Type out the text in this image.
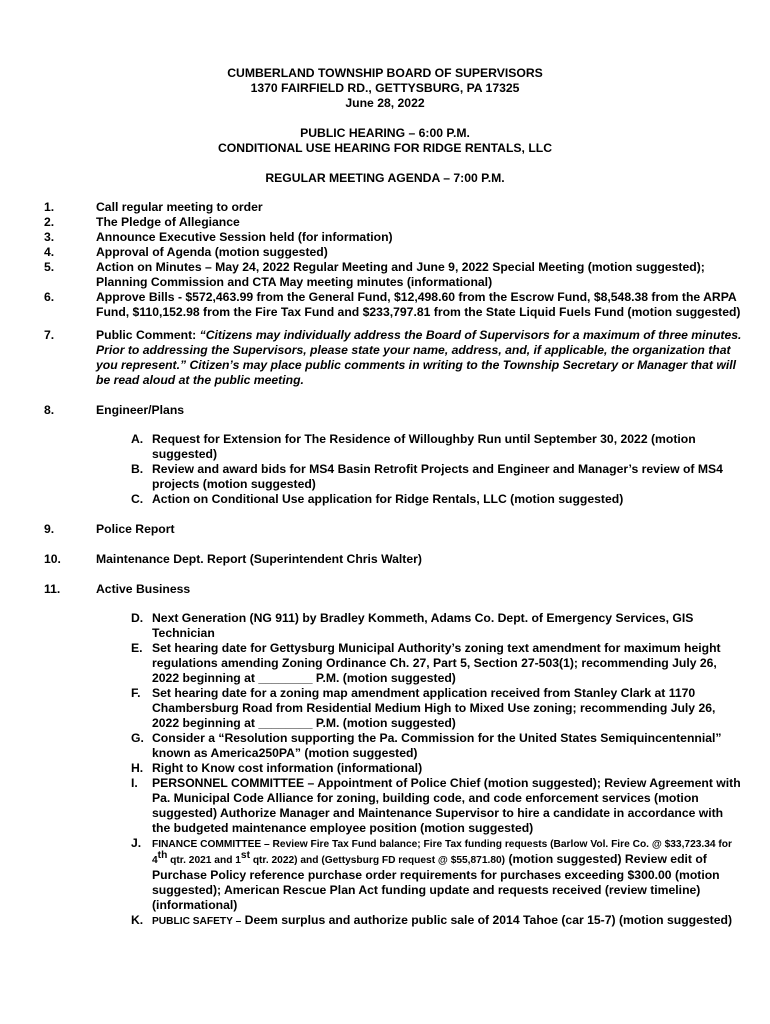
CUMBERLAND TOWNSHIP BOARD OF SUPERVISORS
1370 FAIRFIELD RD., GETTYSBURG, PA 17325
June 28, 2022
PUBLIC HEARING – 6:00 P.M.
CONDITIONAL USE HEARING FOR RIDGE RENTALS, LLC
REGULAR MEETING AGENDA – 7:00 P.M.
1.	Call regular meeting to order
2.	The Pledge of Allegiance
3.	Announce Executive Session held (for information)
4.	Approval of Agenda (motion suggested)
5.	Action on Minutes – May 24, 2022 Regular Meeting and June 9, 2022 Special Meeting (motion suggested); Planning Commission and CTA May meeting minutes (informational)
6.	Approve Bills - $572,463.99 from the General Fund, $12,498.60 from the Escrow Fund, $8,548.38 from the ARPA Fund, $110,152.98 from the Fire Tax Fund and $233,797.81 from the State Liquid Fuels Fund (motion suggested)
7.	Public Comment: “Citizens may individually address the Board of Supervisors for a maximum of three minutes. Prior to addressing the Supervisors, please state your name, address, and, if applicable, the organization that you represent.” Citizen’s may place public comments in writing to the Township Secretary or Manager that will be read aloud at the public meeting.
8.	Engineer/Plans
A. Request for Extension for The Residence of Willoughby Run until September 30, 2022 (motion suggested)
B. Review and award bids for MS4 Basin Retrofit Projects and Engineer and Manager’s review of MS4 projects (motion suggested)
C. Action on Conditional Use application for Ridge Rentals, LLC (motion suggested)
9.	Police Report
10.	Maintenance Dept. Report (Superintendent Chris Walter)
11.	Active Business
D. Next Generation (NG 911) by Bradley Kommeth, Adams Co. Dept. of Emergency Services, GIS Technician
E. Set hearing date for Gettysburg Municipal Authority’s zoning text amendment for maximum height regulations amending Zoning Ordinance Ch. 27, Part 5, Section 27-503(1); recommending July 26, 2022 beginning at ________ P.M. (motion suggested)
F. Set hearing date for a zoning map amendment application received from Stanley Clark at 1170 Chambersburg Road from Residential Medium High to Mixed Use zoning; recommending July 26, 2022 beginning at ________ P.M. (motion suggested)
G. Consider a “Resolution supporting the Pa. Commission for the United States Semiquincentennial” known as America250PA” (motion suggested)
H. Right to Know cost information (informational)
I. PERSONNEL COMMITTEE – Appointment of Police Chief (motion suggested); Review Agreement with Pa. Municipal Code Alliance for zoning, building code, and code enforcement services (motion suggested) Authorize Manager and Maintenance Supervisor to hire a candidate in accordance with the budgeted maintenance employee position (motion suggested)
J. FINANCE COMMITTEE – Review Fire Tax Fund balance; Fire Tax funding requests (Barlow Vol. Fire Co. @ $33,723.34 for 4th qtr. 2021 and 1st qtr. 2022) and (Gettysburg FD request @ $55,871.80) (motion suggested) Review edit of Purchase Policy reference purchase order requirements for purchases exceeding $300.00 (motion suggested); American Rescue Plan Act funding update and requests received (review timeline) (informational)
K. PUBLIC SAFETY – Deem surplus and authorize public sale of 2014 Tahoe (car 15-7) (motion suggested)
